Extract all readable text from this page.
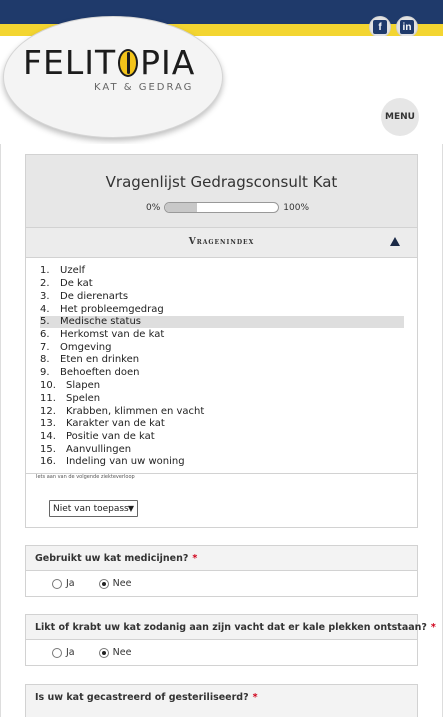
f	in
FELIT PIA
KAT & GEDRAG
MENU
Vragenlijst Gedragsconsult Kat
0%	100%
Vragenindex
1.	Uzelf
2.	De kat
3.	De dierenarts
4.	Het probleemgedrag
5.	Medische status
6.	Herkomst van de kat
7.	Omgeving
8.	Eten en drinken
9.	Behoeften doen
10.	Slapen
11.	Spelen
12.	Krabben, klimmen en vacht
13.	Karakter van de kat
14.	Positie van de kat
15.	Aanvullingen
16.	Indeling van uw woning
Iets aan van de volgende ziekteverloop
Niet van toepass ▼
Gebruikt uw kat medicijnen? *
Ja	Nee
Likt of krabt uw kat zodanig aan zijn vacht dat er kale plekken ontstaan? *
Ja	Nee
Is uw kat gecastreerd of gesteriliseerd? *
